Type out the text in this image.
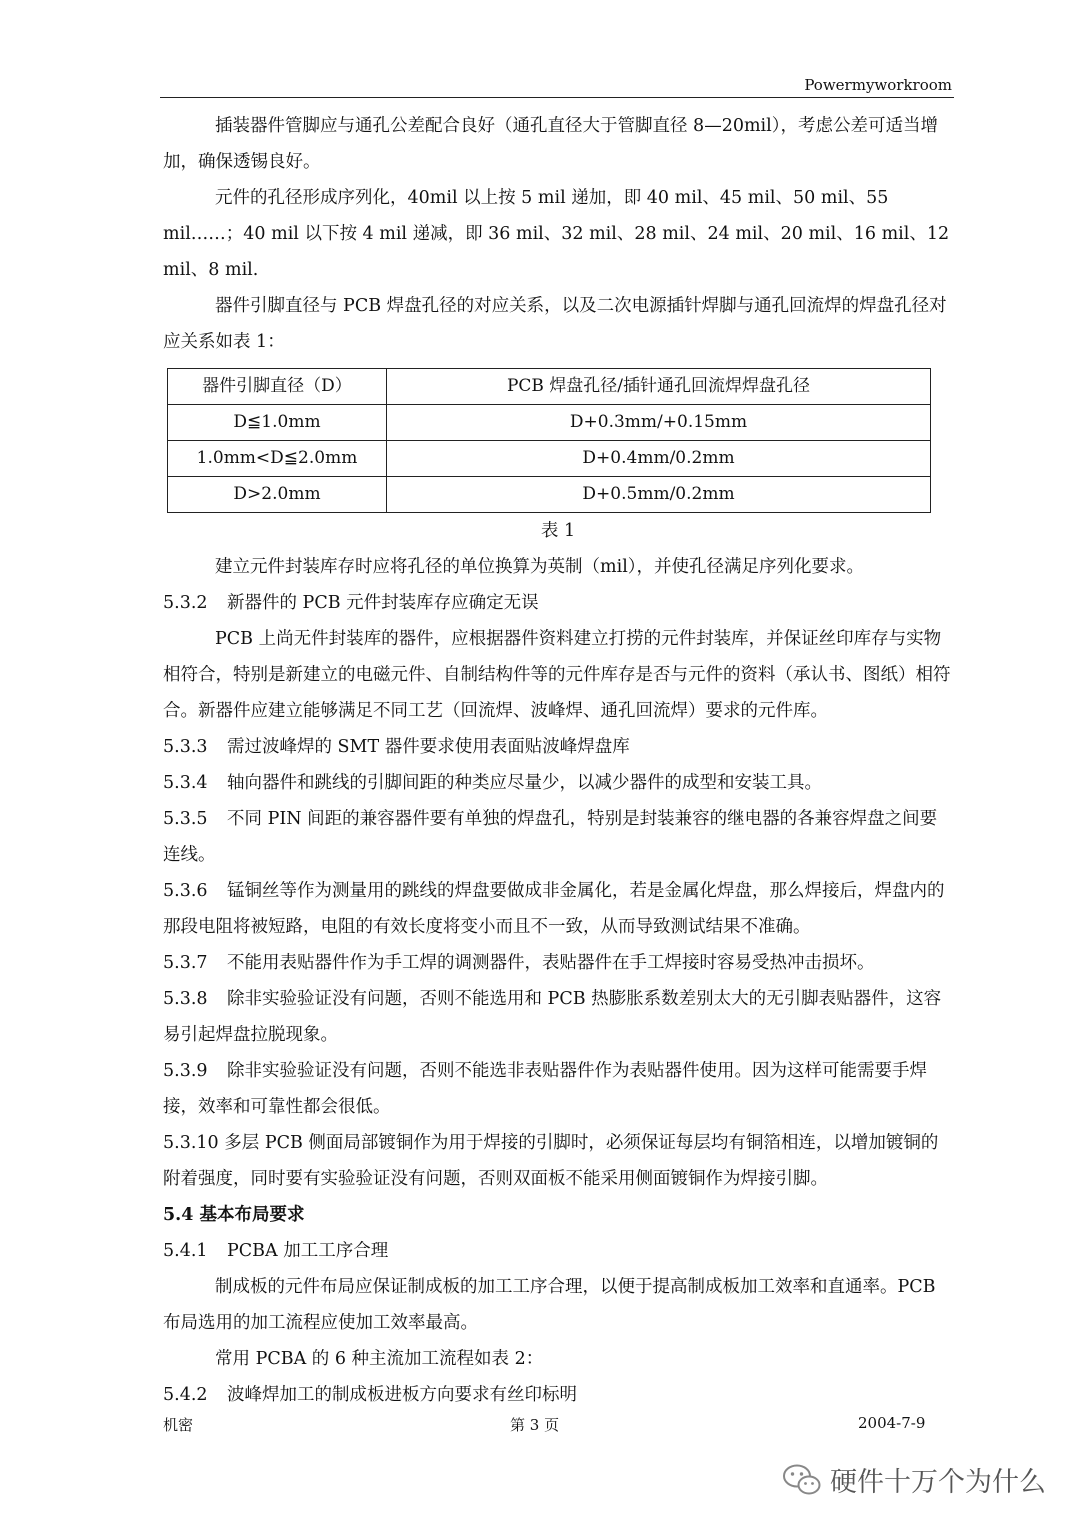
Powermyworkroom

插装器件管脚应与通孔公差配合良好（通孔直径大于管脚直径 8—20mil），考虑公差可适当增加，确保透锡良好。

元件的孔径形成序列化，40mil 以上按 5 mil 递加，即 40 mil、45 mil、50 mil、55 mil……；40 mil 以下按 4 mil 递减，即 36 mil、32 mil、28 mil、24 mil、20 mil、16 mil、12 mil、8 mil.

器件引脚直径与 PCB 焊盘孔径的对应关系，以及二次电源插针焊脚与通孔回流焊的焊盘孔径对应关系如表 1：

器件引脚直径（D）	PCB 焊盘孔径/插针通孔回流焊焊盘孔径
D≦1.0mm	D+0.3mm/+0.15mm
1.0mm<D≦2.0mm	D+0.4mm/0.2mm
D>2.0mm	D+0.5mm/0.2mm

表 1

建立元件封装库存时应将孔径的单位换算为英制（mil），并使孔径满足序列化要求。

5.3.2 新器件的 PCB 元件封装库存应确定无误

PCB 上尚无件封装库的器件，应根据器件资料建立打捞的元件封装库，并保证丝印库存与实物相符合，特别是新建立的电磁元件、自制结构件等的元件库存是否与元件的资料（承认书、图纸）相符合。新器件应建立能够满足不同工艺（回流焊、波峰焊、通孔回流焊）要求的元件库。

5.3.3 需过波峰焊的 SMT 器件要求使用表面贴波峰焊盘库

5.3.4 轴向器件和跳线的引脚间距的种类应尽量少，以减少器件的成型和安装工具。

5.3.5 不同 PIN 间距的兼容器件要有单独的焊盘孔，特别是封装兼容的继电器的各兼容焊盘之间要连线。

5.3.6 锰铜丝等作为测量用的跳线的焊盘要做成非金属化，若是金属化焊盘，那么焊接后，焊盘内的那段电阻将被短路，电阻的有效长度将变小而且不一致，从而导致测试结果不准确。

5.3.7 不能用表贴器件作为手工焊的调测器件，表贴器件在手工焊接时容易受热冲击损坏。

5.3.8 除非实验验证没有问题，否则不能选用和 PCB 热膨胀系数差别太大的无引脚表贴器件，这容易引起焊盘拉脱现象。

5.3.9 除非实验验证没有问题，否则不能选非表贴器件作为表贴器件使用。因为这样可能需要手焊接，效率和可靠性都会很低。

5.3.10 多层 PCB 侧面局部镀铜作为用于焊接的引脚时，必须保证每层均有铜箔相连，以增加镀铜的附着强度，同时要有实验验证没有问题，否则双面板不能采用侧面镀铜作为焊接引脚。

5.4 基本布局要求

5.4.1 PCBA 加工工序合理

制成板的元件布局应保证制成板的加工工序合理，以便于提高制成板加工效率和直通率。PCB 布局选用的加工流程应使加工效率最高。

常用 PCBA 的 6 种主流加工流程如表 2：

5.4.2 波峰焊加工的制成板进板方向要求有丝印标明

机密	第 3 页	2004-7-9
硬件十万个为什么
